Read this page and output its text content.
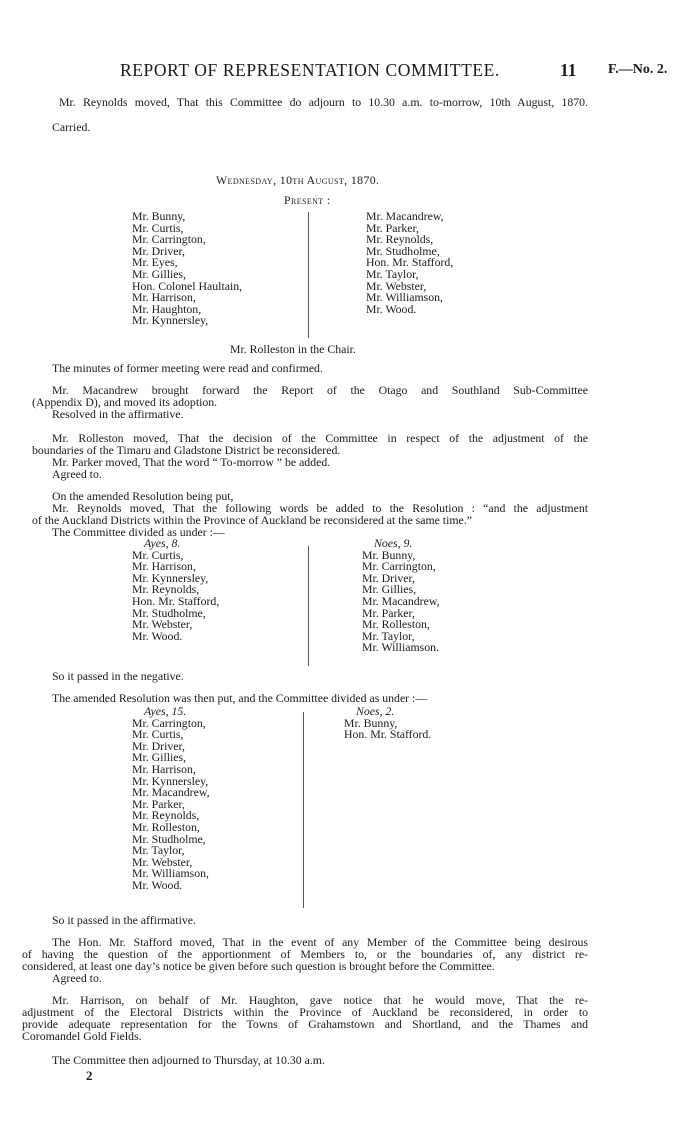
REPORT OF REPRESENTATION COMMITTEE.	11 F.—No. 2.
Mr. Reynolds moved, That this Committee do adjourn to 10.30 a.m. to-morrow, 10th August, 1870.
Carried.
Wednesday, 10th August, 1870.
Present :
Mr. Bunny,
Mr. Curtis,
Mr. Carrington,
Mr. Driver,
Mr. Eyes,
Mr. Gillies,
Hon. Colonel Haultain,
Mr. Harrison,
Mr. Haughton,
Mr. Kynnersley,
Mr. Macandrew,
Mr. Parker,
Mr. Reynolds,
Mr. Studholme,
Hon. Mr. Stafford,
Mr. Taylor,
Mr. Webster,
Mr. Williamson,
Mr. Wood.
Mr. Rolleston in the Chair.
The minutes of former meeting were read and confirmed.
Mr. Macandrew brought forward the Report of the Otago and Southland Sub-Committee
(Appendix D), and moved its adoption.
Resolved in the affirmative.
Mr. Rolleston moved, That the decision of the Committee in respect of the adjustment of the
boundaries of the Timaru and Gladstone District be reconsidered.
Mr. Parker moved, That the word “ To-morrow ” be added.
Agreed to.
On the amended Resolution being put,
Mr. Reynolds moved, That the following words be added to the Resolution : “and the adjustment
of the Auckland Districts within the Province of Auckland be reconsidered at the same time.”
The Committee divided as under :—
Ayes, 8.
Mr. Curtis,
Mr. Harrison,
Mr. Kynnersley,
Mr. Reynolds,
Hon. Mr. Stafford,
Mr. Studholme,
Mr. Webster,
Mr. Wood.
Noes, 9.
Mr. Bunny,
Mr. Carrington,
Mr. Driver,
Mr. Gillies,
Mr. Macandrew,
Mr. Parker,
Mr. Rolleston,
Mr. Taylor,
Mr. Williamson.
So it passed in the negative.
The amended Resolution was then put, and the Committee divided as under :—
Ayes, 15.
Mr. Carrington,
Mr. Curtis,
Mr. Driver,
Mr. Gillies,
Mr. Harrison,
Mr. Kynnersley,
Mr. Macandrew,
Mr. Parker,
Mr. Reynolds,
Mr. Rolleston,
Mr. Studholme,
Mr. Taylor,
Mr. Webster,
Mr. Williamson,
Mr. Wood.
Noes, 2.
Mr. Bunny,
Hon. Mr. Stafford.
So it passed in the affirmative.
The Hon. Mr. Stafford moved, That in the event of any Member of the Committee being desirous
of having the question of the apportionment of Members to, or the boundaries of, any district re-
considered, at least one day’s notice be given before such question is brought before the Committee.
Agreed to.
Mr. Harrison, on behalf of Mr. Haughton, gave notice that he would move, That the re-
adjustment of the Electoral Districts within the Province of Auckland be reconsidered, in order to
provide adequate representation for the Towns of Grahamstown and Shortland, and the Thames and
Coromandel Gold Fields.
The Committee then adjourned to Thursday, at 10.30 a.m.
2
